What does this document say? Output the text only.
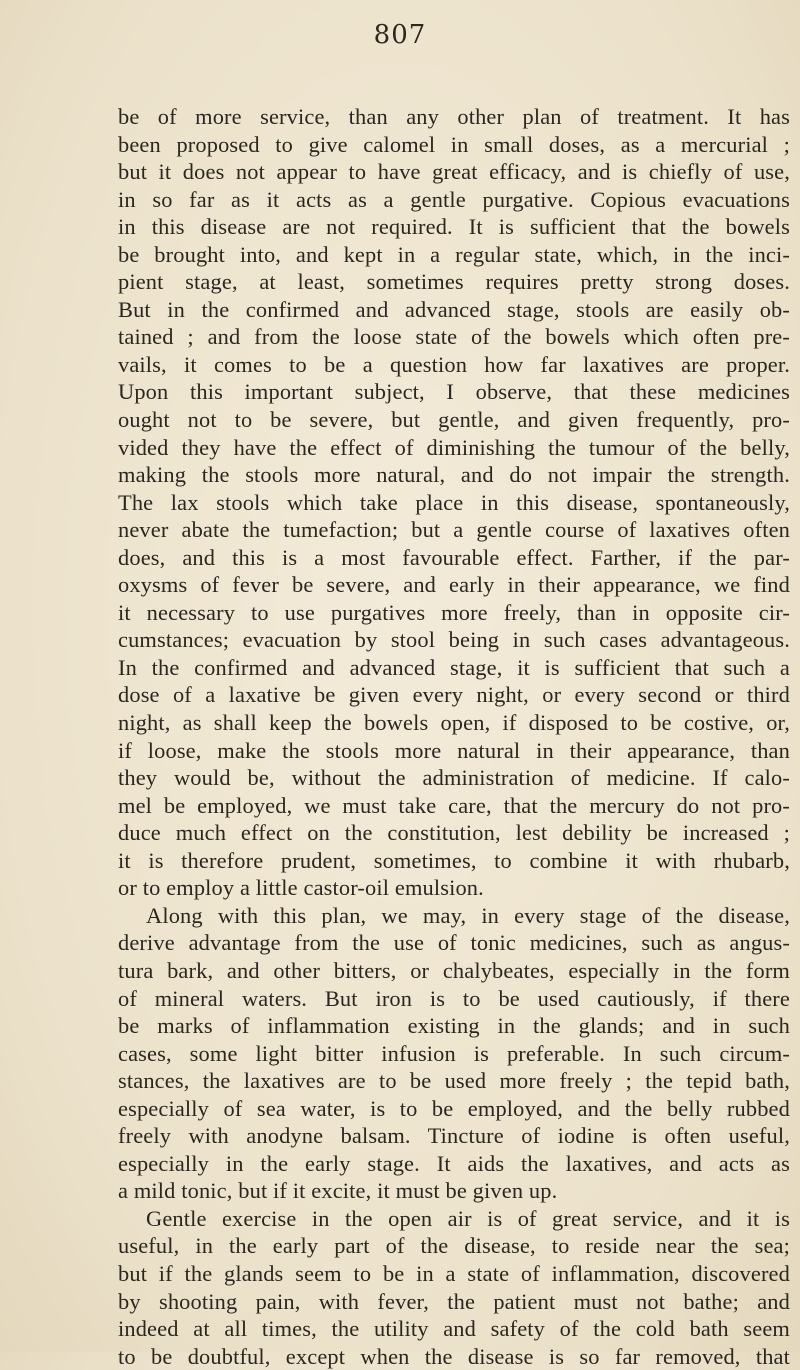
807
be of more service, than any other plan of treatment. It has
been proposed to give calomel in small doses, as a mercurial ;
but it does not appear to have great efficacy, and is chiefly of use,
in so far as it acts as a gentle purgative. Copious evacuations
in this disease are not required. It is sufficient that the bowels
be brought into, and kept in a regular state, which, in the inci-
pient stage, at least, sometimes requires pretty strong doses.
But in the confirmed and advanced stage, stools are easily ob-
tained ; and from the loose state of the bowels which often pre-
vails, it comes to be a question how far laxatives are proper.
Upon this important subject, I observe, that these medicines
ought not to be severe, but gentle, and given frequently, pro-
vided they have the effect of diminishing the tumour of the belly,
making the stools more natural, and do not impair the strength.
The lax stools which take place in this disease, spontaneously,
never abate the tumefaction; but a gentle course of laxatives often
does, and this is a most favourable effect. Farther, if the par-
oxysms of fever be severe, and early in their appearance, we find
it necessary to use purgatives more freely, than in opposite cir-
cumstances; evacuation by stool being in such cases advantageous.
In the confirmed and advanced stage, it is sufficient that such a
dose of a laxative be given every night, or every second or third
night, as shall keep the bowels open, if disposed to be costive, or,
if loose, make the stools more natural in their appearance, than
they would be, without the administration of medicine. If calo-
mel be employed, we must take care, that the mercury do not pro-
duce much effect on the constitution, lest debility be increased ;
it is therefore prudent, sometimes, to combine it with rhubarb,
or to employ a little castor-oil emulsion.
Along with this plan, we may, in every stage of the disease,
derive advantage from the use of tonic medicines, such as angus-
tura bark, and other bitters, or chalybeates, especially in the form
of mineral waters. But iron is to be used cautiously, if there
be marks of inflammation existing in the glands; and in such
cases, some light bitter infusion is preferable. In such circum-
stances, the laxatives are to be used more freely ; the tepid bath,
especially of sea water, is to be employed, and the belly rubbed
freely with anodyne balsam. Tincture of iodine is often useful,
especially in the early stage. It aids the laxatives, and acts as
a mild tonic, but if it excite, it must be given up.
Gentle exercise in the open air is of great service, and it is
useful, in the early part of the disease, to reside near the sea;
but if the glands seem to be in a state of inflammation, discovered
by shooting pain, with fever, the patient must not bathe; and
indeed at all times, the utility and safety of the cold bath seem
to be doubtful, except when the disease is so far removed, that
